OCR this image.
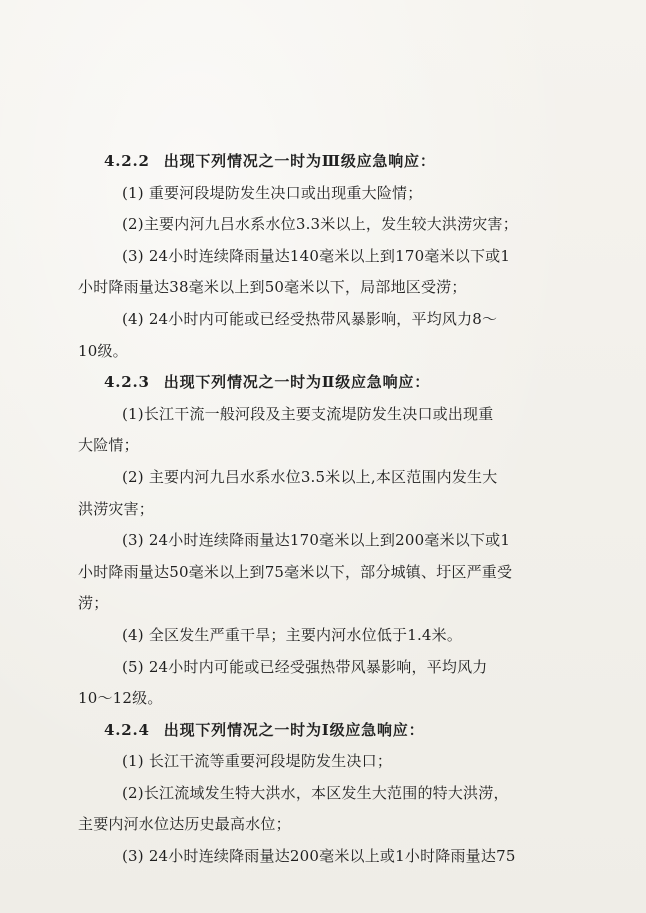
4.2.2 出现下列情况之一时为Ⅲ级应急响应：
(1) 重要河段堤防发生决口或出现重大险情；
(2)主要内河九吕水系水位3.3米以上，发生较大洪涝灾害；
(3) 24小时连续降雨量达140毫米以上到170毫米以下或1
小时降雨量达38毫米以上到50毫米以下，局部地区受涝；
(4) 24小时内可能或已经受热带风暴影响，平均风力8～
10级。
4.2.3 出现下列情况之一时为Ⅱ级应急响应：
(1)长江干流一般河段及主要支流堤防发生决口或出现重
大险情；
(2) 主要内河九吕水系水位3.5米以上,本区范围内发生大
洪涝灾害；
(3) 24小时连续降雨量达170毫米以上到200毫米以下或1
小时降雨量达50毫米以上到75毫米以下，部分城镇、圩区严重受
涝；
(4) 全区发生严重干旱；主要内河水位低于1.4米。
(5) 24小时内可能或已经受强热带风暴影响，平均风力
10～12级。
4.2.4 出现下列情况之一时为Ⅰ级应急响应：
(1) 长江干流等重要河段堤防发生决口；
(2)长江流域发生特大洪水，本区发生大范围的特大洪涝，
主要内河水位达历史最高水位；
(3) 24小时连续降雨量达200毫米以上或1小时降雨量达75
